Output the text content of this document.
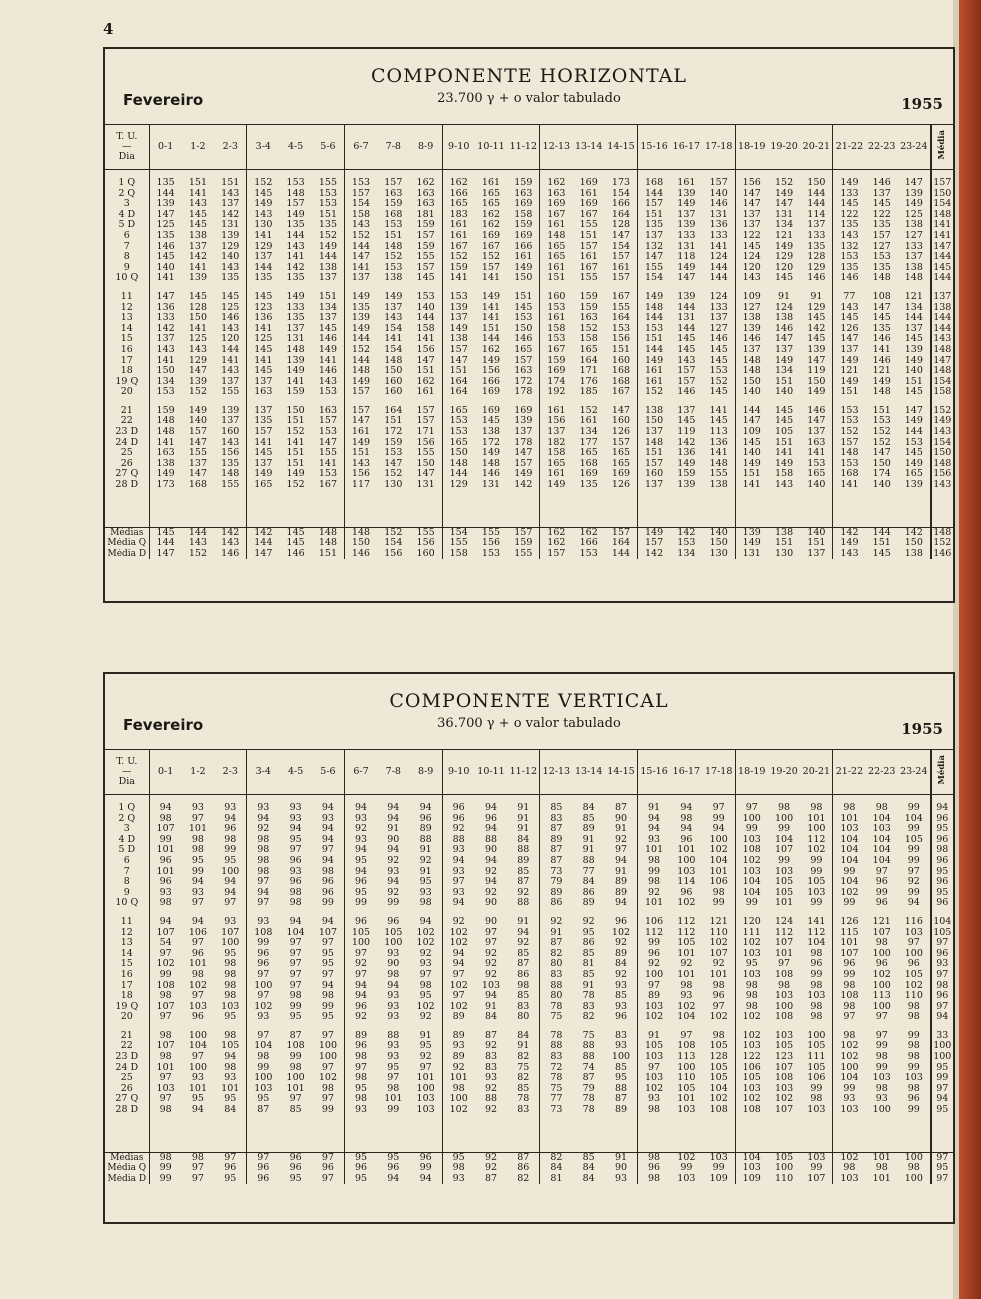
4
COMPONENTE HORIZONTAL
Fevereiro	23.700 γ + o valor tabulado	1955
T. U.
—
Dia	0-1	1-2	2-3	3-4	4-5	5-6	6-7	7-8	8-9	9-10	10-11	11-12	12-13	13-14	14-15	15-16	16-17	17-18	18-19	19-20	20-21	21-22	22-23	23-24	Média

1 Q	135	151	151	152	153	155	153	157	162	162	161	159	162	169	173	168	161	157	156	152	150	149	146	147	157
2 Q	144	141	143	145	148	153	157	163	163	166	165	163	163	161	154	144	139	140	147	149	144	133	137	139	150
3	139	143	137	149	157	153	154	159	163	165	165	169	169	169	166	157	149	146	147	147	144	145	145	149	154
4 D	147	145	142	143	149	151	158	168	181	183	162	158	167	167	164	151	137	131	137	131	114	122	122	125	148
5 D	125	145	131	130	135	135	143	153	159	161	162	159	161	155	128	135	139	136	137	134	137	135	135	138	141
6	135	138	139	141	144	152	152	151	157	161	169	169	148	151	147	137	133	133	122	121	133	143	157	127	141
7	146	137	129	129	143	149	144	148	159	167	167	166	165	157	154	132	131	141	145	149	135	132	127	133	147
8	145	142	140	137	141	144	147	152	155	152	152	161	165	161	157	147	118	124	124	129	128	153	153	137	144
9	140	141	143	144	142	138	141	153	157	159	157	149	161	167	161	155	149	144	120	120	129	135	135	138	145
10 Q	141	139	135	135	135	137	137	138	145	141	141	150	151	155	157	154	147	144	143	145	146	146	148	148	144

11	147	145	145	145	149	151	149	149	153	153	149	151	160	159	167	149	139	124	109	91	91	77	108	121	137
12	136	128	125	123	133	134	135	137	140	139	141	145	153	159	155	148	144	133	127	124	129	143	147	134	138
13	133	150	146	136	135	137	139	143	144	137	141	153	161	163	164	144	131	137	138	138	145	145	145	144	144
14	142	141	143	141	137	145	149	154	158	149	151	150	158	152	153	153	144	127	139	146	142	126	135	137	144
15	137	125	120	125	131	146	144	141	141	138	144	146	153	158	156	151	145	146	146	147	145	147	146	145	143
16	143	143	144	145	148	149	152	154	156	157	162	165	167	165	151	144	145	145	137	137	139	137	141	139	148
17	141	129	141	141	139	141	144	148	147	147	149	157	159	164	160	149	143	145	148	149	147	149	146	149	147
18	150	147	143	145	149	146	148	150	151	151	156	163	169	171	168	161	157	153	148	134	119	121	121	140	148
19 Q	134	139	137	137	141	143	149	160	162	164	166	172	174	176	168	161	157	152	150	151	150	149	149	151	154
20	153	152	155	163	159	153	157	160	161	164	169	178	192	185	167	152	146	145	140	140	149	151	148	145	158

21	159	149	139	137	150	163	157	164	157	165	169	169	161	152	147	138	137	141	144	145	146	153	151	147	152
22	148	140	137	135	151	157	147	151	157	153	145	139	156	161	160	150	145	145	147	145	147	153	153	149	149
23 D	148	157	160	157	152	153	161	172	171	153	138	137	137	134	126	137	119	113	109	105	137	152	152	144	143
24 D	141	147	143	141	141	147	149	159	156	165	172	178	182	177	157	148	142	136	145	151	163	157	152	153	154
25	163	155	156	145	151	155	151	153	155	150	149	147	158	165	165	151	136	141	140	141	141	148	147	145	150
26	138	137	135	137	151	141	143	147	150	148	148	157	165	168	165	157	149	148	149	149	153	153	150	149	148
27 Q	149	147	148	149	149	153	156	152	147	144	146	149	161	169	169	160	159	155	151	158	165	168	174	165	156
28 D	173	168	155	165	152	167	117	130	131	129	131	142	149	135	126	137	139	138	141	143	140	141	140	139	143

Médias	145	144	142	142	145	148	148	152	155	154	155	157	162	162	157	149	142	140	139	138	140	142	144	142	148
Média Q	144	143	143	144	145	148	150	154	156	155	156	159	162	166	164	157	153	150	149	151	151	149	151	150	152
Média D	147	152	146	147	146	151	146	156	160	158	153	155	157	153	144	142	134	130	131	130	137	143	145	138	146
COMPONENTE VERTICAL
Fevereiro	36.700 γ + o valor tabulado	1955
T. U.
—
Dia	0-1	1-2	2-3	3-4	4-5	5-6	6-7	7-8	8-9	9-10	10-11	11-12	12-13	13-14	14-15	15-16	16-17	17-18	18-19	19-20	20-21	21-22	22-23	23-24	Média

1 Q	94	93	93	93	93	94	94	94	94	96	94	91	85	84	87	91	94	97	97	98	98	98	98	99	94
2 Q	98	97	94	94	93	93	93	94	96	96	96	91	83	85	90	94	98	99	100	100	101	101	104	104	96
3	107	101	96	92	94	94	92	91	89	92	94	91	87	89	91	94	94	94	99	99	100	103	103	99	95
4 D	99	98	98	98	95	94	93	90	88	88	88	84	89	91	92	93	96	100	103	104	112	104	104	105	96
5 D	101	98	99	98	97	97	94	94	91	93	90	88	87	91	97	101	101	102	108	107	102	104	104	99	98
6	96	95	95	98	96	94	95	92	92	94	94	89	87	88	94	98	100	104	102	99	99	104	104	99	96
7	101	99	100	98	93	98	94	93	91	93	92	85	73	77	91	99	103	101	103	103	99	99	97	97	95
8	96	94	94	97	96	96	96	94	95	97	94	87	79	84	89	98	114	106	104	105	105	104	96	92	96
9	93	93	94	94	98	96	95	92	93	93	92	92	89	86	89	92	96	98	104	105	103	102	99	99	95
10 Q	98	97	97	97	98	99	99	99	98	94	90	88	86	89	94	101	102	99	99	101	99	99	96	94	96

11	94	94	93	93	94	94	96	96	94	92	90	91	92	92	96	106	112	121	120	124	141	126	121	116	104
12	107	106	107	108	104	107	105	105	102	102	97	94	91	95	102	112	112	110	111	112	112	115	107	103	105
13	54	97	100	99	97	97	100	100	102	102	97	92	87	86	92	99	105	102	102	107	104	101	98	97	97
14	97	96	95	96	97	95	97	93	92	94	92	85	82	85	89	96	101	107	103	101	98	107	100	100	96
15	102	101	98	96	97	95	92	90	93	94	92	87	80	81	84	92	92	92	95	97	96	96	96	96	93
16	99	98	98	97	97	97	97	98	97	97	92	86	83	85	92	100	101	101	103	108	99	99	102	105	97
17	108	102	98	100	97	94	94	94	98	102	103	98	88	91	93	97	98	98	98	98	98	98	100	102	98
18	98	97	98	97	98	98	94	93	95	97	94	85	80	78	85	89	93	96	98	103	103	108	113	110	96
19 Q	107	103	103	102	99	99	96	93	102	102	91	83	78	83	93	103	102	97	98	100	98	98	100	98	97
20	97	96	95	93	95	95	92	93	92	89	84	80	75	82	96	102	104	102	102	108	98	97	97	98	94

21	98	100	98	97	87	97	89	88	91	89	87	84	78	75	83	91	97	98	102	103	100	98	97	99	33
22	107	104	105	104	108	100	96	93	95	93	92	91	88	88	93	105	108	105	103	105	105	102	99	98	100
23 D	98	97	94	98	99	100	98	93	92	89	83	82	83	88	100	103	113	128	122	123	111	102	98	98	100
24 D	101	100	98	99	98	97	97	95	97	92	83	75	72	74	85	97	100	105	106	107	105	100	99	99	95
25	97	93	93	100	100	102	98	97	101	101	93	82	78	87	95	103	110	105	105	108	106	104	103	103	99
26	103	101	101	103	101	98	95	98	100	98	92	85	75	79	88	102	105	104	103	103	99	99	98	98	97
27 Q	97	95	95	95	97	97	98	101	103	100	88	78	77	78	87	93	101	102	102	102	98	93	93	96	94
28 D	98	94	84	87	85	99	93	99	103	102	92	83	73	78	89	98	103	108	108	107	103	103	100	99	95

Médias	98	98	97	97	96	97	95	95	96	95	92	87	82	85	91	98	102	103	104	105	103	102	101	100	97
Média Q	99	97	96	96	96	96	96	96	99	98	92	86	84	84	90	96	99	99	103	100	99	98	98	98	95
Média D	99	97	95	96	95	97	95	94	94	93	87	82	81	84	93	98	103	109	109	110	107	103	101	100	97
